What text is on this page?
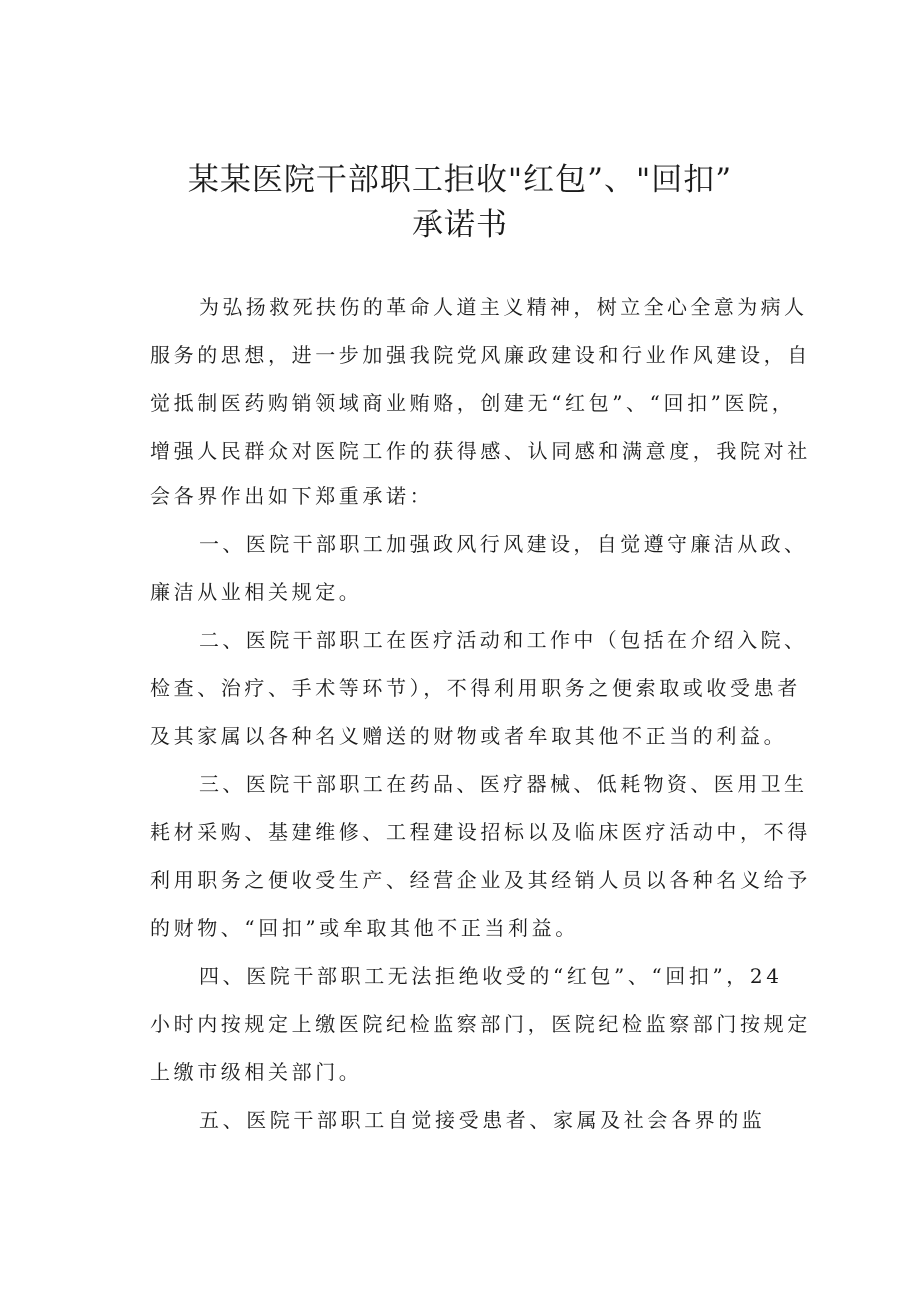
某某医院干部职工拒收"红包”、"回扣”
承诺书

为弘扬救死扶伤的革命人道主义精神，树立全心全意为病人

服务的思想，进一步加强我院党风廉政建设和行业作风建设，自

觉抵制医药购销领域商业贿赂，创建无“红包”、“回扣”医院，

增强人民群众对医院工作的获得感、认同感和满意度，我院对社

会各界作出如下郑重承诺：

一、医院干部职工加强政风行风建设，自觉遵守廉洁从政、

廉洁从业相关规定。

二、医院干部职工在医疗活动和工作中（包括在介绍入院、

检查、治疗、手术等环节），不得利用职务之便索取或收受患者

及其家属以各种名义赠送的财物或者牟取其他不正当的利益。

三、医院干部职工在药品、医疗器械、低耗物资、医用卫生

耗材采购、基建维修、工程建设招标以及临床医疗活动中，不得

利用职务之便收受生产、经营企业及其经销人员以各种名义给予

的财物、“回扣”或牟取其他不正当利益。

四、医院干部职工无法拒绝收受的“红包”、“回扣”，24

小时内按规定上缴医院纪检监察部门，医院纪检监察部门按规定

上缴市级相关部门。

五、医院干部职工自觉接受患者、家属及社会各界的监
